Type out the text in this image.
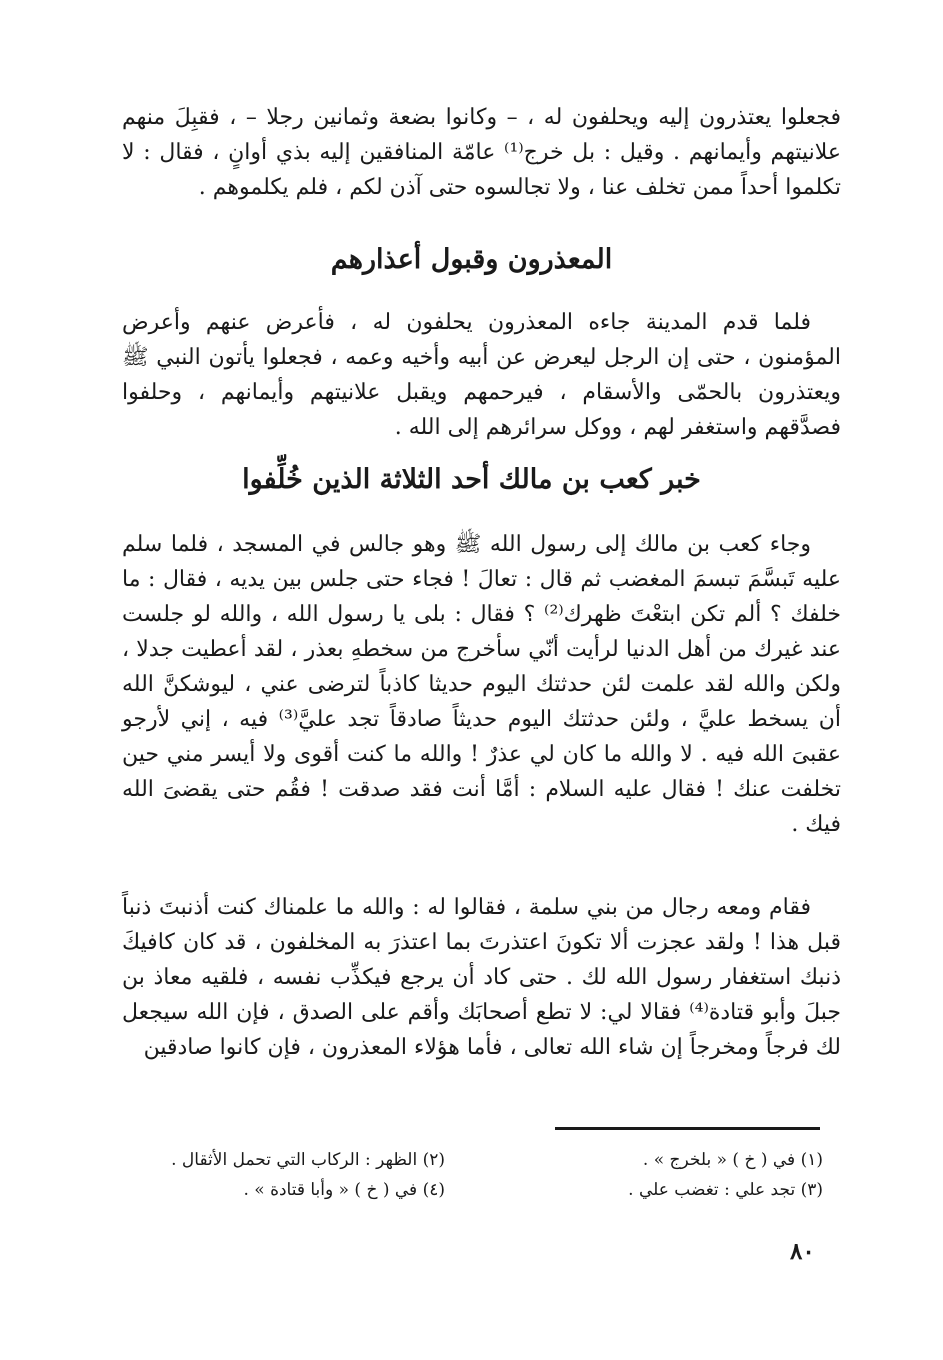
فجعلوا يعتذرون إليه ويحلفون له ، – وكانوا بضعة وثمانين رجلا – ، فقبِلَ منهم علانيتهم وأيمانهم . وقيل : بل خرج⁽¹⁾ عامّة المنافقين إليه بذي أوانٍ ، فقال : لا تكلموا أحداً ممن تخلف عنا ، ولا تجالسوه حتى آذن لكم ، فلم يكلموهم .

المعذرون وقبول أعذارهم

فلما قدم المدينة جاءه المعذرون يحلفون له ، فأعرض عنهم وأعرض المؤمنون ، حتى إن الرجل ليعرض عن أبيه وأخيه وعمه ، فجعلوا يأتون النبي ﷺ ويعتذرون بالحمّى والأسقام ، فيرحمهم ويقبل علانيتهم وأيمانهم ، وحلفوا فصدَّقهم واستغفر لهم ، ووكل سرائرهم إلى الله .

خبر كعب بن مالك أحد الثلاثة الذين خُلِّفوا

وجاء كعب بن مالك إلى رسول الله ﷺ وهو جالس في المسجد ، فلما سلم عليه تَبسَّمَ تبسمَ المغضب ثم قال : تعالَ ! فجاء حتى جلس بين يديه ، فقال : ما خلفك ؟ ألم تكن ابتعْتَ ظهرك⁽²⁾ ؟ فقال : بلى يا رسول الله ، والله لو جلست عند غيرك من أهل الدنيا لرأيت أنّي سأخرج من سخطهِ بعذر ، لقد أعطيت جدلا ، ولكن والله لقد علمت لئن حدثتك اليوم حديثا كاذباً لترضى عني ، ليوشكنَّ الله أن يسخط عليَّ ، ولئن حدثتك اليوم حديثاً صادقاً تجد عليَّ⁽³⁾ فيه ، إني لأرجو عقبىَ الله فيه . لا والله ما كان لي عذرٌ ! والله ما كنت أقوى ولا أيسر مني حين تخلفت عنك ! فقال عليه السلام : أمَّا أنت فقد صدقت ! فقُم حتى يقضىَ الله فيك .

فقام ومعه رجال من بني سلمة ، فقالوا له : والله ما علمناك كنت أذنبتَ ذنباً قبل هذا ! ولقد عجزت ألا تكونَ اعتذرتَ بما اعتذرَ به المخلفون ، قد كان كافيكَ ذنبك استغفار رسول الله لك . حتى كاد أن يرجع فيكذِّب نفسه ، فلقيه معاذ بن جبلَ وأبو قتادة⁽⁴⁾ فقالا لي: لا تطع أصحابَك وأقم على الصدق ، فإن الله سيجعل لك فرجاً ومخرجاً إن شاء الله تعالى ، فأما هؤلاء المعذرون ، فإن كانوا صادقين

(١) في ( خ ) « بلخرج » .

(٢) الظهر : الركاب التي تحمل الأثقال .

(٣) تجد علي : تغضب علي .

(٤) في ( خ ) « وأبا قتادة » .

٨٠
